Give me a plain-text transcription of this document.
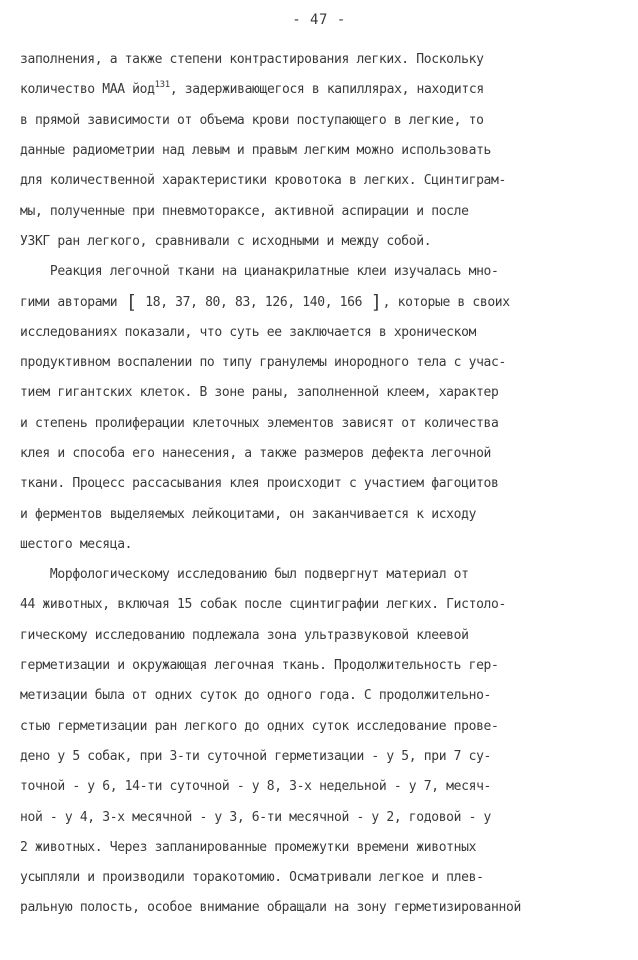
- 47 -
заполнения, а также степени контрастирования легких. Поскольку
количество МАА йод$^{131}$, задерживающегося в капиллярах, находится
в прямой зависимости от объема крови поступающего в легкие, то
данные радиометрии над левым и правым легким можно использовать
для количественной характеристики кровотока в легких. Сцинтиграм-
мы, полученные при пневмотораксе, активной аспирации и после
УЗКГ ран легкого, сравнивали с исходными и между собой.
Реакция легочной ткани на цианакрилатные клеи изучалась мно-
гими авторами [ 18, 37, 80, 83, 126, 140, 166 ], которые в своих
исследованиях показали, что суть ее заключается в хроническом
продуктивном воспалении по типу гранулемы инородного тела с учас-
тием гигантских клеток. В зоне раны, заполненной клеем, характер
и степень пролиферации клеточных элементов зависят от количества
клея и способа его нанесения, а также размеров дефекта легочной
ткани. Процесс рассасывания клея происходит с участием фагоцитов
и ферментов выделяемых лейкоцитами, он заканчивается к исходу
шестого месяца.
Морфологическому исследованию был подвергнут материал от
44 животных, включая 15 собак после сцинтиграфии легких. Гистоло-
гическому исследованию подлежала зона ультразвуковой клеевой
герметизации и окружающая легочная ткань. Продолжительность гер-
метизации была от одних суток до одного года. С продолжительно-
стью герметизации ран легкого до одних суток исследование прове-
дено у 5 собак, при 3-ти суточной герметизации - у 5, при 7 су-
точной - у 6, 14-ти суточной - у 8, 3-х недельной - у 7, месяч-
ной - у 4, 3-х месячной - у 3, 6-ти месячной - у 2, годовой - у
2 животных. Через запланированные промежутки времени животных
усыпляли и производили торакотомию. Осматривали легкое и плев-
ральную полость, особое внимание обращали на зону герметизированной
